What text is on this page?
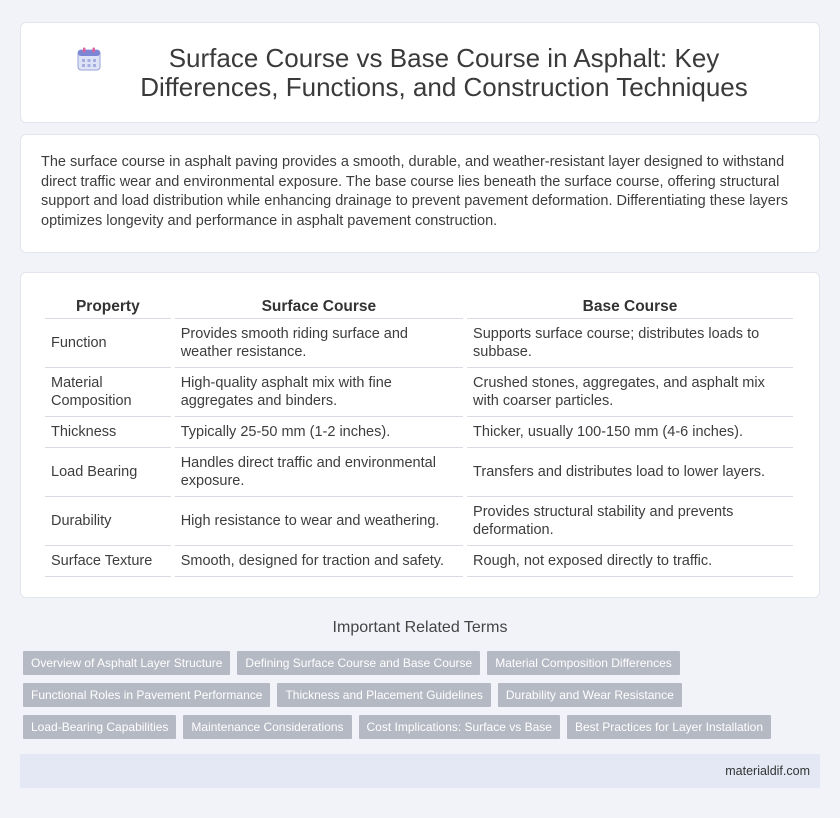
Surface Course vs Base Course in Asphalt: Key Differences, Functions, and Construction Techniques

The surface course in asphalt paving provides a smooth, durable, and weather-resistant layer designed to withstand direct traffic wear and environmental exposure. The base course lies beneath the surface course, offering structural support and load distribution while enhancing drainage to prevent pavement deformation. Differentiating these layers optimizes longevity and performance in asphalt pavement construction.

Property	Surface Course	Base Course
Function	Provides smooth riding surface and weather resistance.	Supports surface course; distributes loads to subbase.
Material Composition	High-quality asphalt mix with fine aggregates and binders.	Crushed stones, aggregates, and asphalt mix with coarser particles.
Thickness	Typically 25-50 mm (1-2 inches).	Thicker, usually 100-150 mm (4-6 inches).
Load Bearing	Handles direct traffic and environmental exposure.	Transfers and distributes load to lower layers.
Durability	High resistance to wear and weathering.	Provides structural stability and prevents deformation.
Surface Texture	Smooth, designed for traction and safety.	Rough, not exposed directly to traffic.
Important Related Terms
Overview of Asphalt Layer Structure	Defining Surface Course and Base Course	Material Composition Differences
Functional Roles in Pavement Performance	Thickness and Placement Guidelines	Durability and Wear Resistance
Load-Bearing Capabilities	Maintenance Considerations	Cost Implications: Surface vs Base	Best Practices for Layer Installation
materialdif.com
